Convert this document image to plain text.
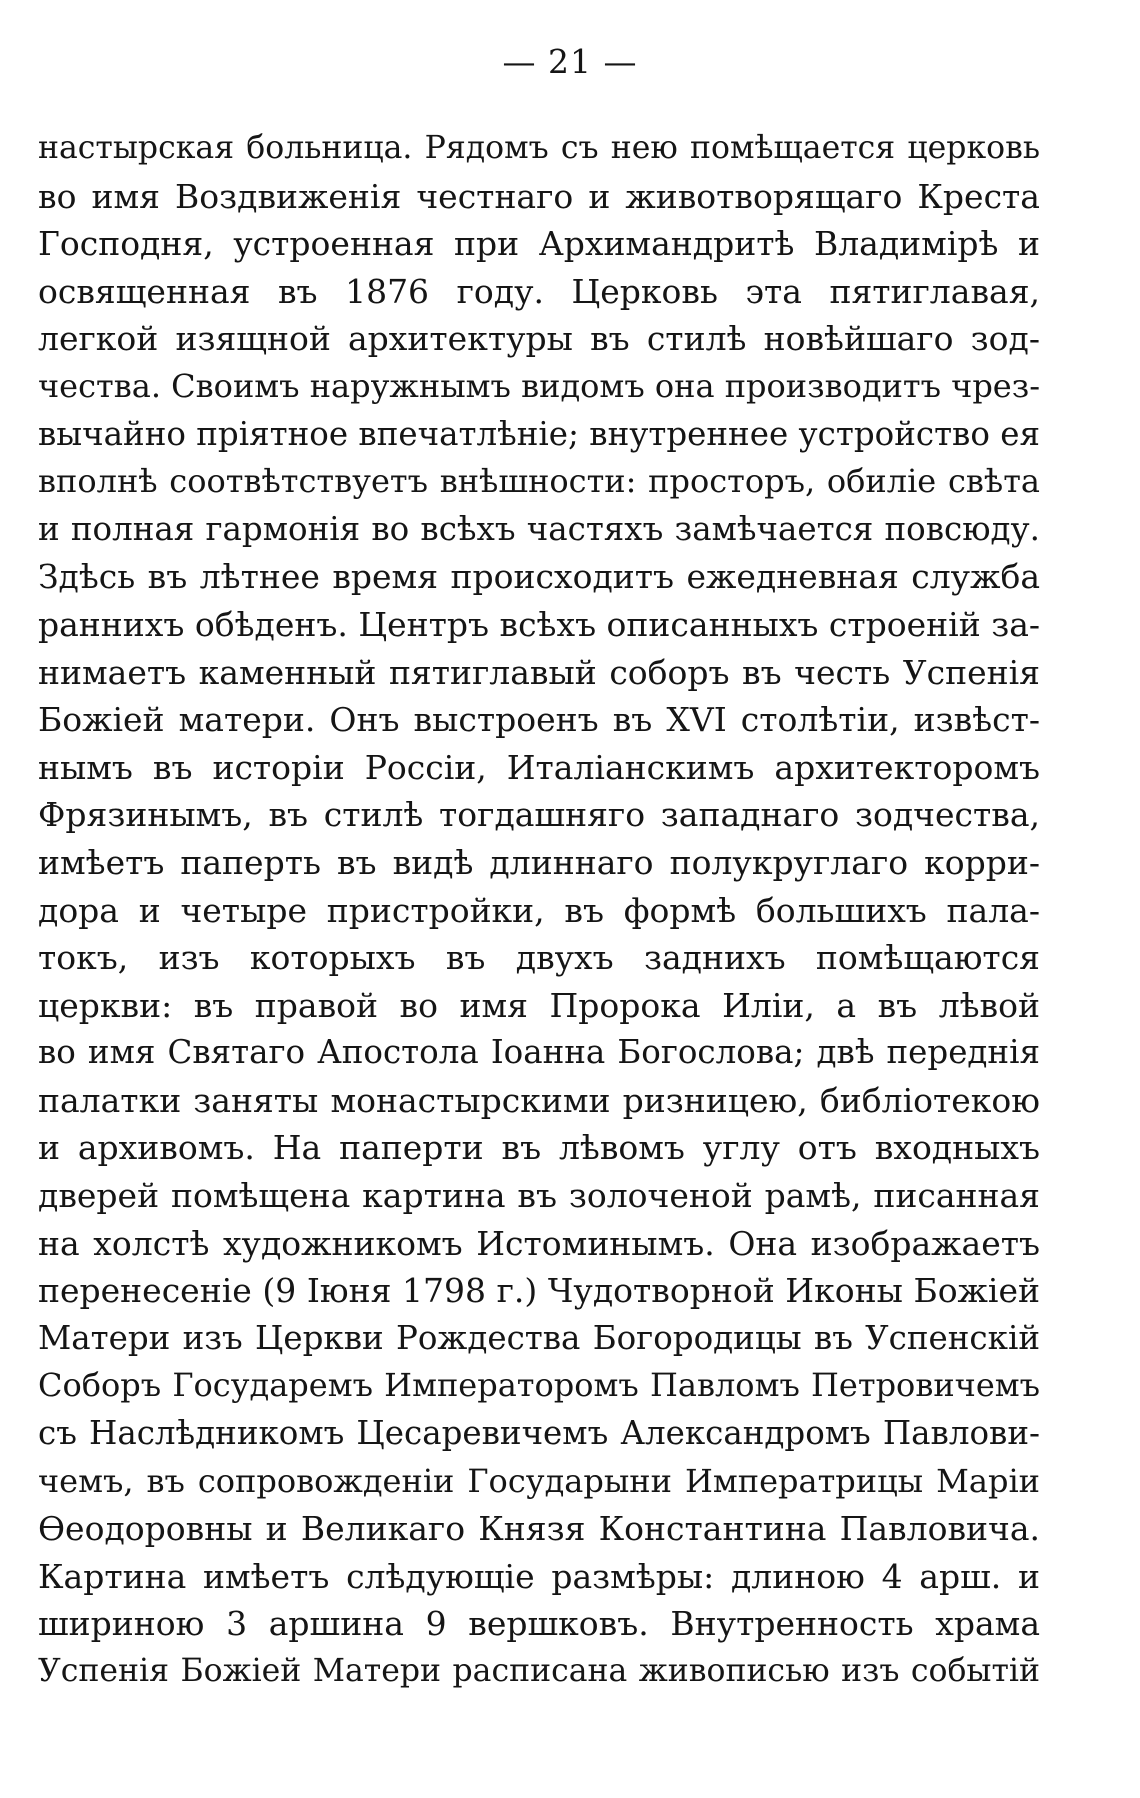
— 21 —
настырская больница. Рядомъ съ нею помѣщается церковь
во имя Воздвиженія честнаго и животворящаго Креста
Господня, устроенная при Архимандритѣ Владимірѣ и
освященная въ 1876 году. Церковь эта пятиглавая,
легкой изящной архитектуры въ стилѣ новѣйшаго зод-
чества. Своимъ наружнымъ видомъ она производитъ чрез-
вычайно пріятное впечатлѣніе; внутреннее устройство ея
вполнѣ соотвѣтствуетъ внѣшности: просторъ, обиліе свѣта
и полная гармонія во всѣхъ частяхъ замѣчается повсюду.
Здѣсь въ лѣтнее время происходитъ ежедневная служба
раннихъ обѣденъ. Центръ всѣхъ описанныхъ строеній за-
нимаетъ каменный пятиглавый соборъ въ честь Успенія
Божіей матери. Онъ выстроенъ въ XVI столѣтіи, извѣст-
нымъ въ исторіи Россіи, Италіанскимъ архитекторомъ
Фрязинымъ, въ стилѣ тогдашняго западнаго зодчества,
имѣетъ паперть въ видѣ длиннаго полукруглаго корри-
дора и четыре пристройки, въ формѣ большихъ пала-
токъ, изъ которыхъ въ двухъ заднихъ помѣщаются
церкви: въ правой во имя Пророка Иліи, а въ лѣвой
во имя Святаго Апостола Іоанна Богослова; двѣ переднія
палатки заняты монастырскими ризницею, библіотекою
и архивомъ. На паперти въ лѣвомъ углу отъ входныхъ
дверей помѣщена картина въ золоченой рамѣ, писанная
на холстѣ художникомъ Истоминымъ. Она изображаетъ
перенесеніе (9 Іюня 1798 г.) Чудотворной Иконы Божіей
Матери изъ Церкви Рождества Богородицы въ Успенскій
Соборъ Государемъ Императоромъ Павломъ Петровичемъ
съ Наслѣдникомъ Цесаревичемъ Александромъ Павлови-
чемъ, въ сопровожденіи Государыни Императрицы Маріи
Ѳеодоровны и Великаго Князя Константина Павловича.
Картина имѣетъ слѣдующіе размѣры: длиною 4 арш. и
шириною 3 аршина 9 вершковъ. Внутренность храма
Успенія Божіей Матери расписана живописью изъ событій
